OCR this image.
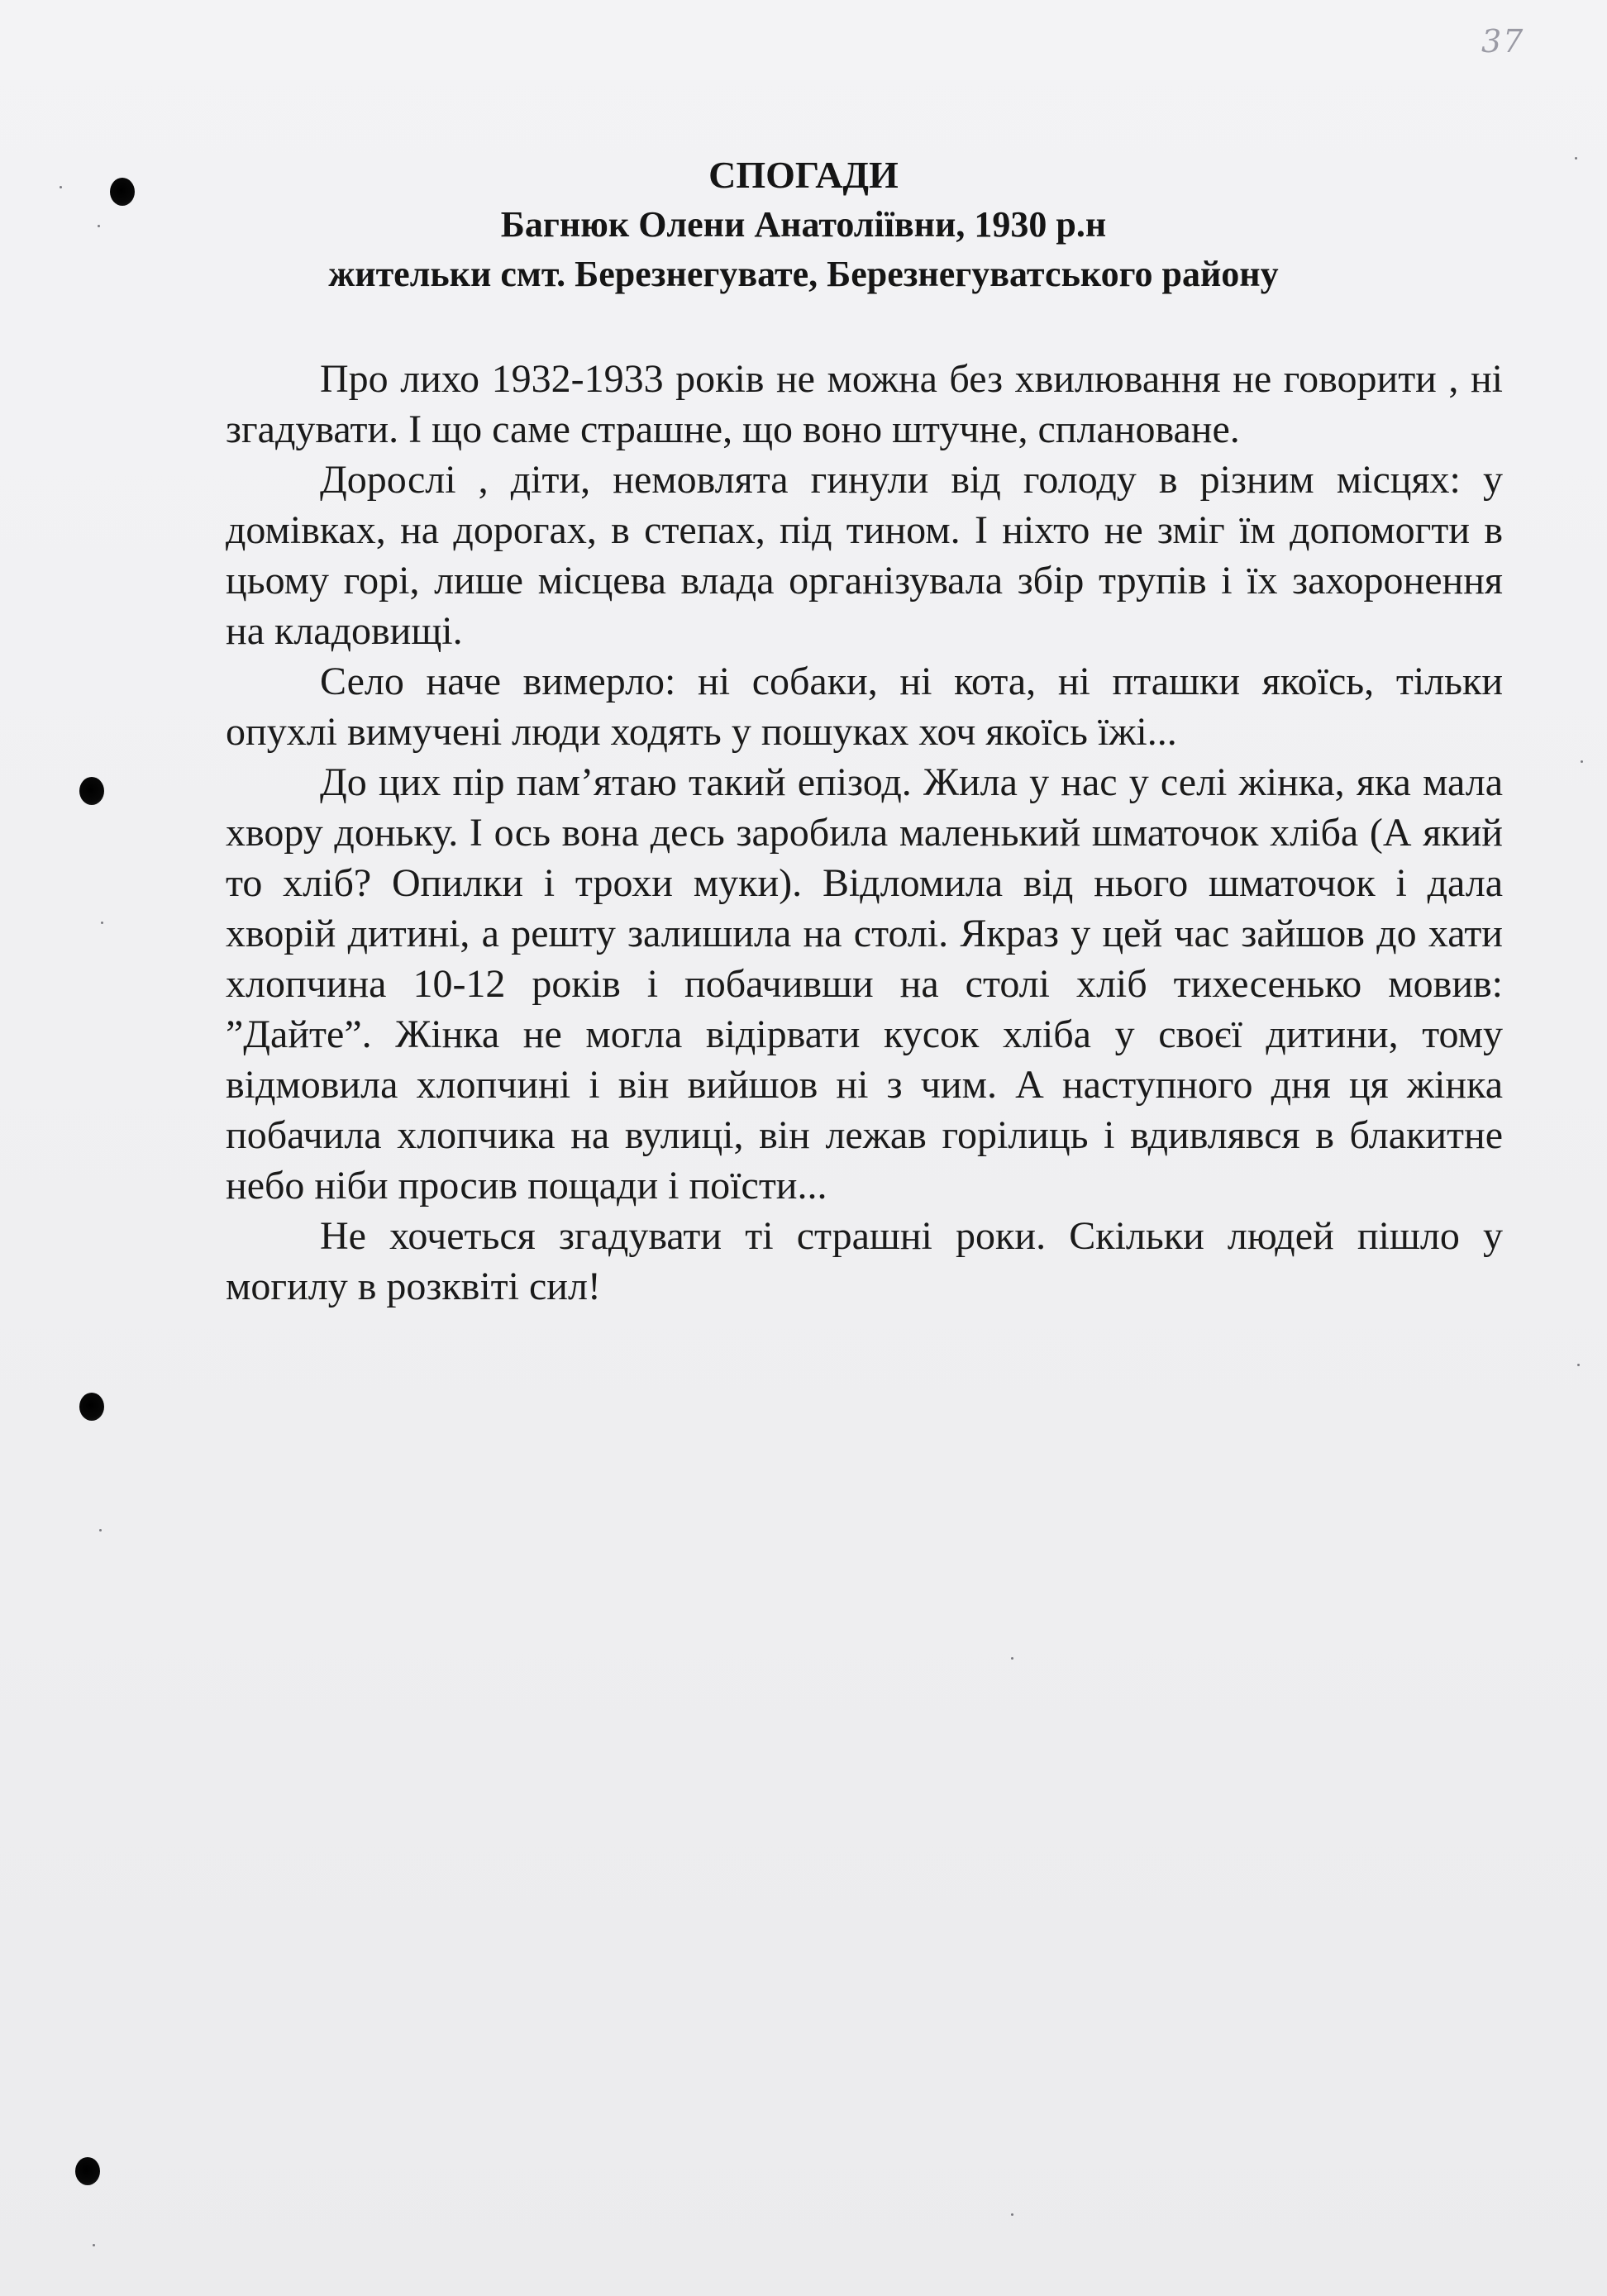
37
СПОГАДИ
Багнюк Олени Анатоліївни, 1930 р.н
жительки смт. Березнегувате, Березнегуватського району

Про лихо 1932-1933 років не можна без хвилювання не говорити , ні згадувати. І що саме страшне, що воно штучне, сплановане.

Дорослі , діти, немовлята гинули від голоду в різним місцях: у домівках, на дорогах, в степах, під тином. І ніхто не зміг їм допомогти в цьому горі, лише місцева влада організувала збір трупів і їх захоронення на кладовищі.

Село наче вимерло: ні собаки, ні кота, ні пташки якоїсь, тільки опухлі вимучені люди ходять у пошуках хоч якоїсь їжі...

До цих пір пам’ятаю такий епізод. Жила у нас у селі жінка, яка мала хвору доньку. І ось вона десь заробила маленький шматочок хліба (А який то хліб? Опилки і трохи муки). Відломила від нього шматочок і дала хворій дитині, а решту залишила на столі. Якраз у цей час зайшов до хати хлопчина 10-12 років і побачивши на столі хліб тихесенько мовив: ”Дайте”. Жінка не могла відірвати кусок хліба у своєї дитини, тому відмовила хлопчині і він вийшов ні з чим. А наступного дня ця жінка побачила хлопчика на вулиці, він лежав горілиць і вдивлявся в блакитне небо ніби просив пощади і поїсти...

Не хочеться згадувати ті страшні роки. Скільки людей пішло у могилу в розквіті сил!
